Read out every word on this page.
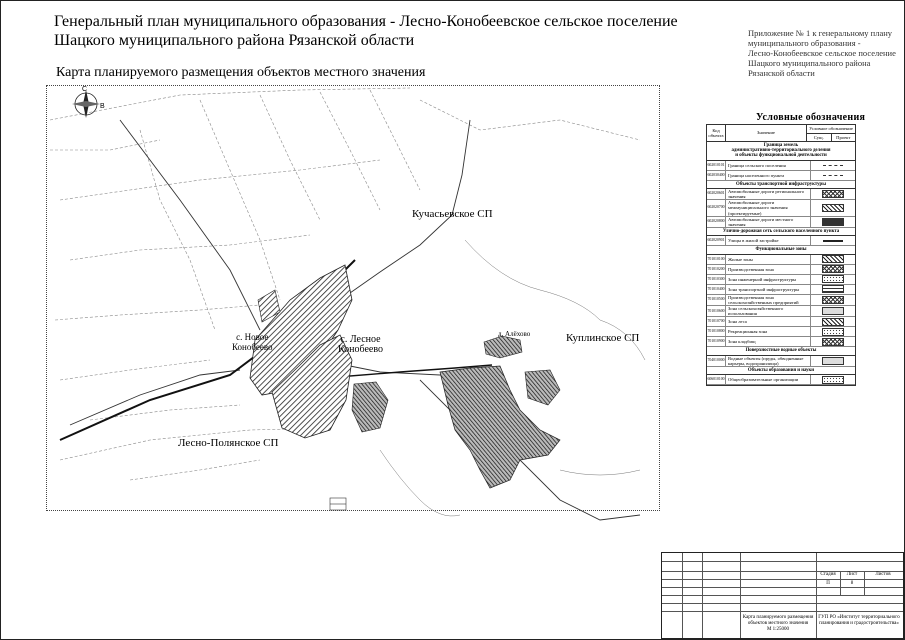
Генеральный план муниципального образования - Лесно-Конобеевское сельское поселение
Шацкого муниципального района Рязанской области
Карта планируемого размещения объектов местного значения
Приложение № 1 к генеральному плану
муниципального образования -
Лесно-Конобеевское сельское поселение
Шацкого муниципального района
Рязанской области
С
В
Кучасьевское СП
Куплинское СП
Лесно-Полянское СП
с. Новое
Конобеево
с. Лесное
Конобеево
д. Алёхово
Условные обозначения
Код объекта
Значение
Условное обозначение
Сущ.	Проект
Граница земель
административно-территориального деления
и объекты функциональной деятельности
602010101 Граница сельского поселения
602030400 Граница населенного пункта
Объекты транспортной инфраструктуры
602020601 Автомобильные дороги регионального значения
602020700
Автомобильные дороги межмуниципального значения (проектируемые)
602020800 Автомобильные дороги местного значения
Улично-дорожная сеть сельского населенного пункта
602020901 Улицы в жилой застройке
Функциональные зоны
701010100 Жилые зоны
701010200 Производственная зона
701010300 Зона инженерной инфраструктуры
701010400 Зона транспортной инфраструктуры
701010500 Производственная зона сельскохозяйственных предприятий
701010600 Зона сельскохозяйственного использования
701010700 Зона леса
701010800 Рекреационная зона
701010900 Зона кладбищ
Поверхностные водные объекты
704010000 Водные объекты (пруды, обводненные карьеры, водохранилища)
Объекты образования и науки
606010100 Общеобразовательные организации
Стадия	Лист	Листов
П	8
Карта планируемого размещения
объектов местного значения
М 1:25000
ГУП РО «Институт территориального
планирования и градостроительства»
